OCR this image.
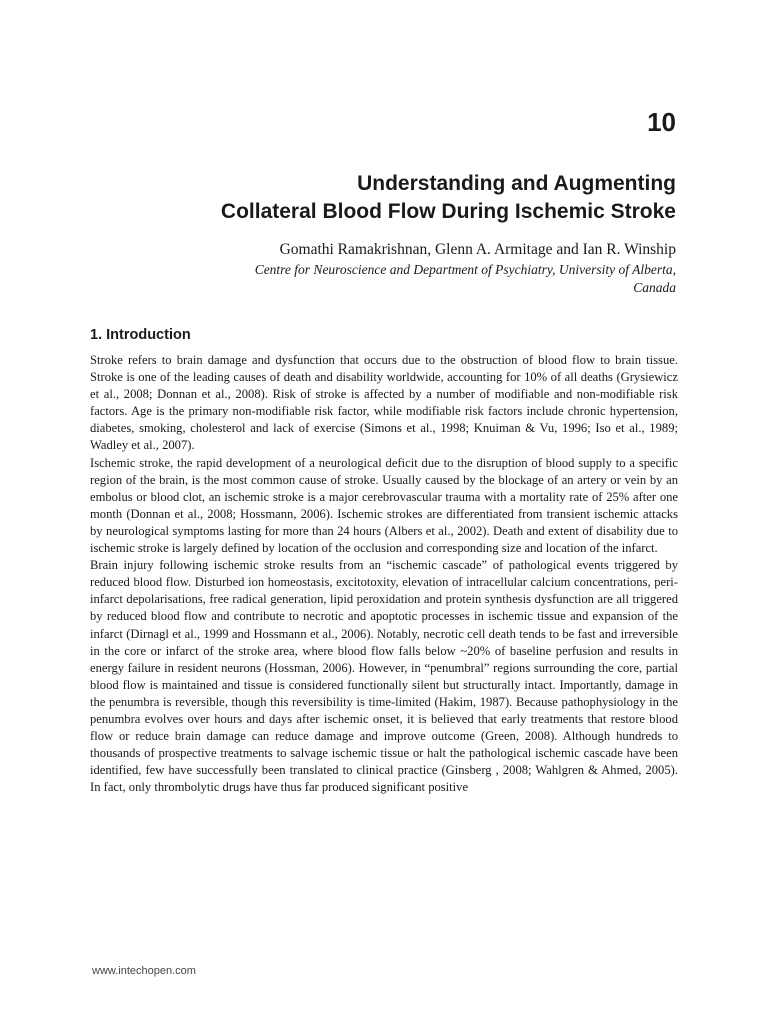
10
Understanding and Augmenting
Collateral Blood Flow During Ischemic Stroke

Gomathi Ramakrishnan, Glenn A. Armitage and Ian R. Winship

Centre for Neuroscience and Department of Psychiatry, University of Alberta,
Canada

1. Introduction

Stroke refers to brain damage and dysfunction that occurs due to the obstruction of blood flow to brain tissue. Stroke is one of the leading causes of death and disability worldwide, accounting for 10% of all deaths (Grysiewicz et al., 2008; Donnan et al., 2008). Risk of stroke is affected by a number of modifiable and non-modifiable risk factors. Age is the primary non-modifiable risk factor, while modifiable risk factors include chronic hypertension, diabetes, smoking, cholesterol and lack of exercise (Simons et al., 1998; Knuiman & Vu, 1996; Iso et al., 1989; Wadley et al., 2007).

Ischemic stroke, the rapid development of a neurological deficit due to the disruption of blood supply to a specific region of the brain, is the most common cause of stroke. Usually caused by the blockage of an artery or vein by an embolus or blood clot, an ischemic stroke is a major cerebrovascular trauma with a mortality rate of 25% after one month (Donnan et al., 2008; Hossmann, 2006). Ischemic strokes are differentiated from transient ischemic attacks by neurological symptoms lasting for more than 24 hours (Albers et al., 2002). Death and extent of disability due to ischemic stroke is largely defined by location of the occlusion and corresponding size and location of the infarct.

Brain injury following ischemic stroke results from an “ischemic cascade” of pathological events triggered by reduced blood flow. Disturbed ion homeostasis, excitotoxity, elevation of intracellular calcium concentrations, peri-infarct depolarisations, free radical generation, lipid peroxidation and protein synthesis dysfunction are all triggered by reduced blood flow and contribute to necrotic and apoptotic processes in ischemic tissue and expansion of the infarct (Dirnagl et al., 1999 and Hossmann et al., 2006). Notably, necrotic cell death tends to be fast and irreversible in the core or infarct of the stroke area, where blood flow falls below ~20% of baseline perfusion and results in energy failure in resident neurons (Hossman, 2006). However, in “penumbral” regions surrounding the core, partial blood flow is maintained and tissue is considered functionally silent but structurally intact. Importantly, damage in the penumbra is reversible, though this reversibility is time-limited (Hakim, 1987). Because pathophysiology in the penumbra evolves over hours and days after ischemic onset, it is believed that early treatments that restore blood flow or reduce brain damage can reduce damage and improve outcome (Green, 2008). Although hundreds to thousands of prospective treatments to salvage ischemic tissue or halt the pathological ischemic cascade have been identified, few have successfully been translated to clinical practice (Ginsberg , 2008; Wahlgren & Ahmed, 2005). In fact, only thrombolytic drugs have thus far produced significant positive

www.intechopen.com
